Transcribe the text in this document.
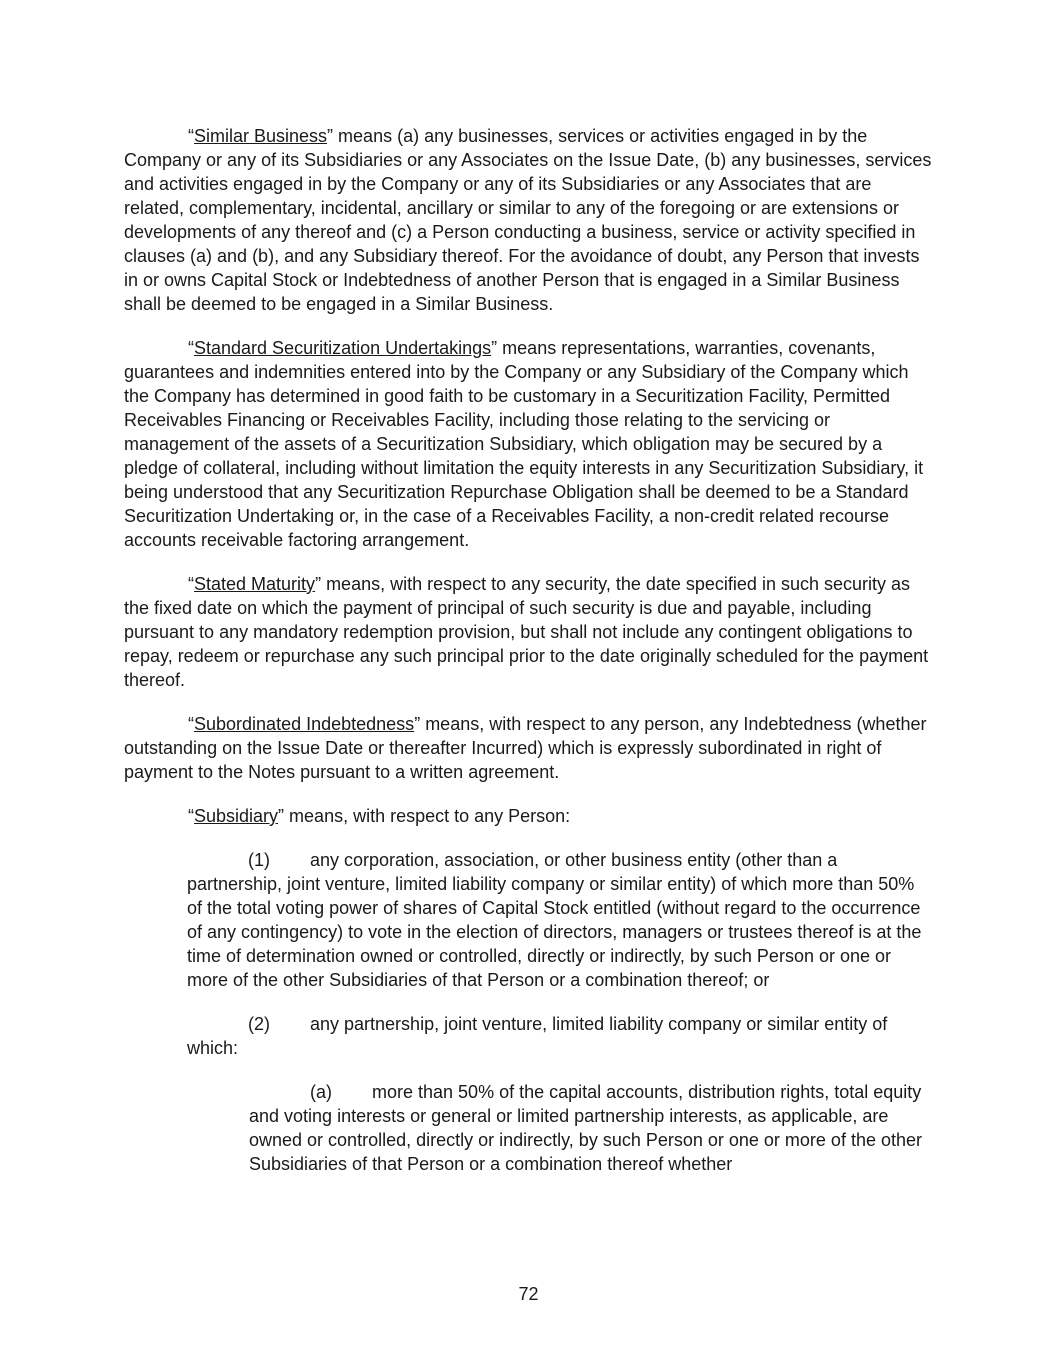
“Similar Business” means (a) any businesses, services or activities engaged in by the Company or any of its Subsidiaries or any Associates on the Issue Date, (b) any businesses, services and activities engaged in by the Company or any of its Subsidiaries or any Associates that are related, complementary, incidental, ancillary or similar to any of the foregoing or are extensions or developments of any thereof and (c) a Person conducting a business, service or activity specified in clauses (a) and (b), and any Subsidiary thereof. For the avoidance of doubt, any Person that invests in or owns Capital Stock or Indebtedness of another Person that is engaged in a Similar Business shall be deemed to be engaged in a Similar Business.

“Standard Securitization Undertakings” means representations, warranties, covenants, guarantees and indemnities entered into by the Company or any Subsidiary of the Company which the Company has determined in good faith to be customary in a Securitization Facility, Permitted Receivables Financing or Receivables Facility, including those relating to the servicing or management of the assets of a Securitization Subsidiary, which obligation may be secured by a pledge of collateral, including without limitation the equity interests in any Securitization Subsidiary, it being understood that any Securitization Repurchase Obligation shall be deemed to be a Standard Securitization Undertaking or, in the case of a Receivables Facility, a non-credit related recourse accounts receivable factoring arrangement.

“Stated Maturity” means, with respect to any security, the date specified in such security as the fixed date on which the payment of principal of such security is due and payable, including pursuant to any mandatory redemption provision, but shall not include any contingent obligations to repay, redeem or repurchase any such principal prior to the date originally scheduled for the payment thereof.

“Subordinated Indebtedness” means, with respect to any person, any Indebtedness (whether outstanding on the Issue Date or thereafter Incurred) which is expressly subordinated in right of payment to the Notes pursuant to a written agreement.

“Subsidiary” means, with respect to any Person:

(1) any corporation, association, or other business entity (other than a partnership, joint venture, limited liability company or similar entity) of which more than 50% of the total voting power of shares of Capital Stock entitled (without regard to the occurrence of any contingency) to vote in the election of directors, managers or trustees thereof is at the time of determination owned or controlled, directly or indirectly, by such Person or one or more of the other Subsidiaries of that Person or a combination thereof; or

(2) any partnership, joint venture, limited liability company or similar entity of which:

(a) more than 50% of the capital accounts, distribution rights, total equity and voting interests or general or limited partnership interests, as applicable, are owned or controlled, directly or indirectly, by such Person or one or more of the other Subsidiaries of that Person or a combination thereof whether

72
